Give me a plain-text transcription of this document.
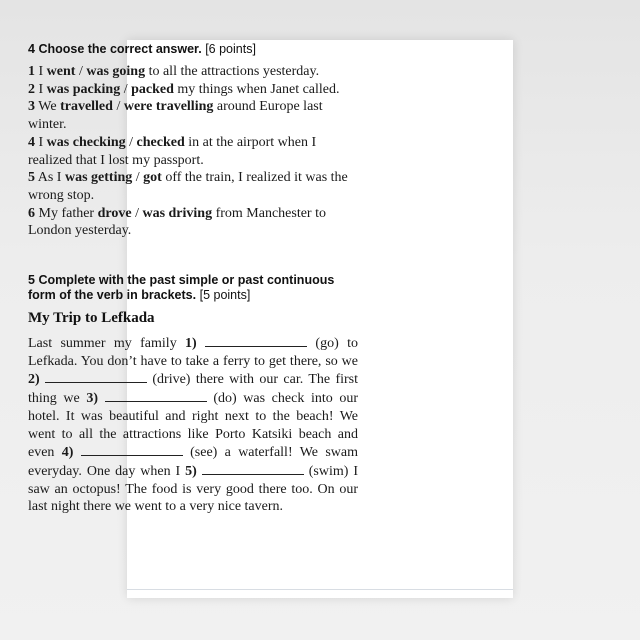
4 Choose the correct answer. [6 points]

1 I went / was going to all the attractions yesterday.

2 I was packing / packed my things when Janet called.

3 We travelled / were travelling around Europe last winter.

4 I was checking / checked in at the airport when I realized that I lost my passport.

5 As I was getting / got off the train, I realized it was the wrong stop.

6 My father drove / was driving from Manchester to London yesterday.

5 Complete with the past simple or past continuous form of the verb in brackets. [5 points]
My Trip to Lefkada

Last summer my family 1)	(go) to Lefkada. You don’t have to take a ferry to get there, so we 2)	(drive) there with our car. The first thing we 3)	(do) was check into our hotel. It was beautiful and right next to the beach! We went to all the attractions like Porto Katsiki beach and even 4)	(see) a waterfall! We swam everyday. One day when I 5)	(swim) I saw an octopus! The food is very good there too. On our last night there we went to a very nice tavern.
